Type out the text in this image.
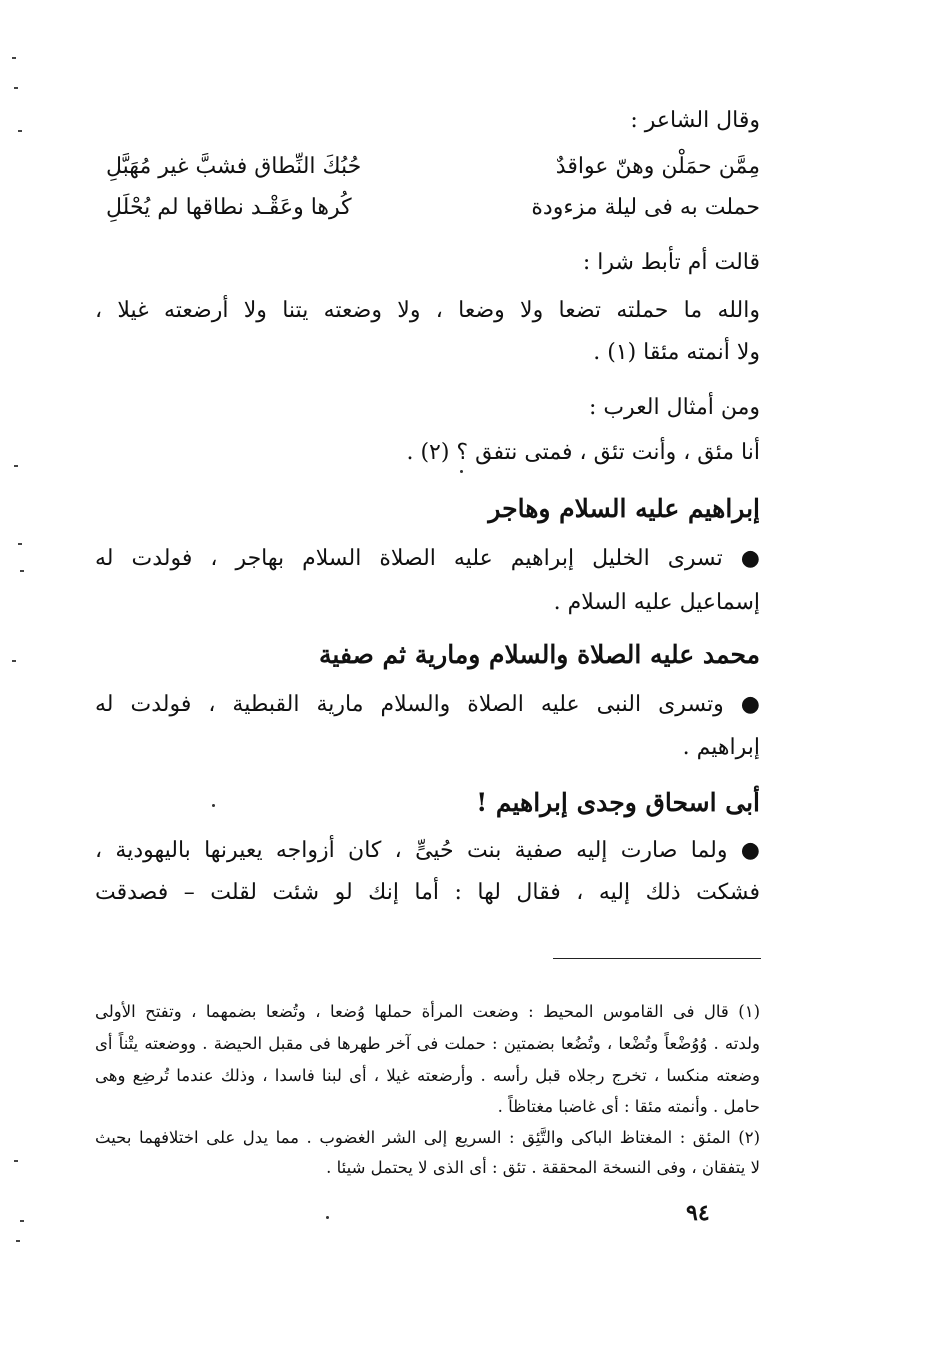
وقال الشاعر :
مِمَّن حمَلْن وهنّ عواقدٌ
حُبُكَ النِّطاق فشبَّ غير مُهَبَّلِ
حملت به فى ليلة مزءودة
كُرها وعَقْـد نطاقها لم يُحْلَلِ
قالت أم تأبط شرا :
والله ما حملته تضعا ولا وضعا ، ولا وضعته يتنا ولا أرضعته غيلا ،
ولا أنمته مئقا (١) .
ومن أمثال العرب :
أنا مئق ، وأنت تئق ، فمتى نتفق ؟ (٢) .
إبراهيم عليه السلام وهاجر
● تسرى الخليل إبراهيم عليه الصلاة السلام بهاجر ، فولدت له
إسماعيل عليه السلام .
محمد عليه الصلاة والسلام ومارية ثم صفية
● وتسرى النبى عليه الصلاة والسلام مارية القبطية ، فولدت له
إبراهيم .
أبى اسحاق وجدى إبراهيم !
● ولما صارت إليه صفية بنت حُيىٍّ ، كان أزواجه يعيرنها باليهودية ،
فشكت ذلك إليه ، فقال لها : أما إنك لو شئت لقلت – فصدقت
(١) قال فى القاموس المحيط : وضعت المرأة حملها وُضعا ، وتُضعا بضمهما ، وتفتح الأولى
ولدته . وُوُضْعاً وتُضْعا ، وتُضُعا بضمتين : حملت فى آخر طهرها فى مقبل الحيضة . ووضعته يتْناً أى
وضعته منكسا ، تخرج رجلاه قبل رأسه . وأرضعته غيلا ، أى لبنا فاسدا ، وذلك عندما تُرضِع وهى
حامل . وأنمته مئقا : أى غاضبا مغتاظاً .
(٢) المئق : المغتاظ الباكى والتَّئِق : السريع إلى الشر الغضوب . مما يدل على اختلافهما بحيث
لا يتفقان ، وفى النسخة المحققة . تئق : أى الذى لا يحتمل شيئا .
٩٤
